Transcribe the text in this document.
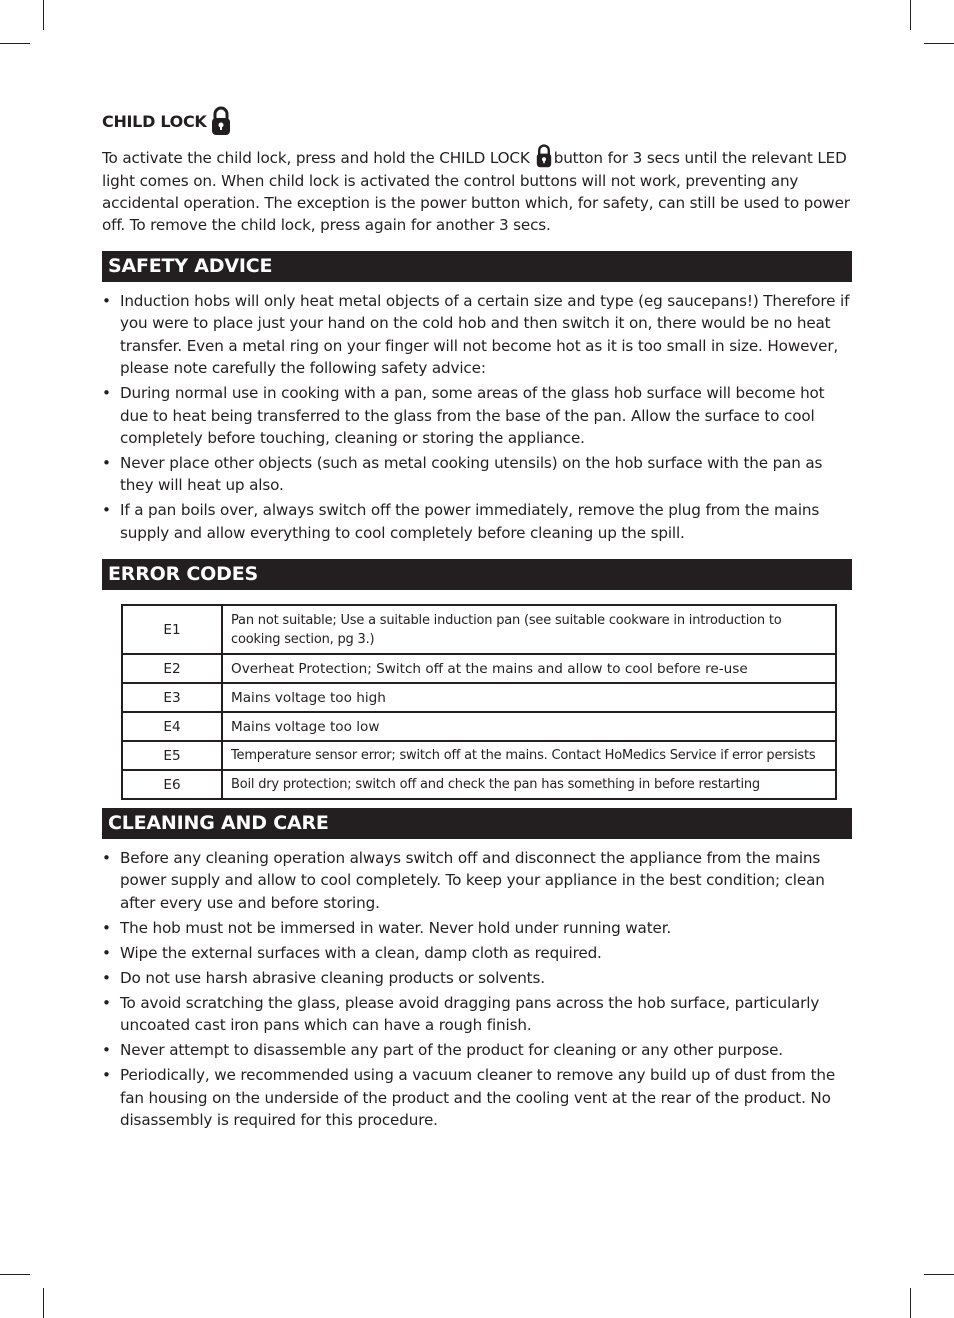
CHILD LOCK
To activate the child lock, press and hold the CHILD LOCK button for 3 secs until the relevant LED light comes on. When child lock is activated the control buttons will not work, preventing any accidental operation. The exception is the power button which, for safety, can still be used to power off. To remove the child lock, press again for another 3 secs.
SAFETY ADVICE
• Induction hobs will only heat metal objects of a certain size and type (eg saucepans!) Therefore if you were to place just your hand on the cold hob and then switch it on, there would be no heat transfer. Even a metal ring on your finger will not become hot as it is too small in size. However, please note carefully the following safety advice:
• During normal use in cooking with a pan, some areas of the glass hob surface will become hot due to heat being transferred to the glass from the base of the pan. Allow the surface to cool completely before touching, cleaning or storing the appliance.
• Never place other objects (such as metal cooking utensils) on the hob surface with the pan as they will heat up also.
• If a pan boils over, always switch off the power immediately, remove the plug from the mains supply and allow everything to cool completely before cleaning up the spill.
ERROR CODES
E1	Pan not suitable; Use a suitable induction pan (see suitable cookware in introduction to cooking section, pg 3.)
E2	Overheat Protection; Switch off at the mains and allow to cool before re-use
E3	Mains voltage too high
E4	Mains voltage too low
E5	Temperature sensor error; switch off at the mains. Contact HoMedics Service if error persists
E6	Boil dry protection; switch off and check the pan has something in before restarting
CLEANING AND CARE
• Before any cleaning operation always switch off and disconnect the appliance from the mains power supply and allow to cool completely. To keep your appliance in the best condition; clean after every use and before storing.
• The hob must not be immersed in water. Never hold under running water.
• Wipe the external surfaces with a clean, damp cloth as required.
• Do not use harsh abrasive cleaning products or solvents.
• To avoid scratching the glass, please avoid dragging pans across the hob surface, particularly uncoated cast iron pans which can have a rough finish.
• Never attempt to disassemble any part of the product for cleaning or any other purpose.
• Periodically, we recommended using a vacuum cleaner to remove any build up of dust from the fan housing on the underside of the product and the cooling vent at the rear of the product. No disassembly is required for this procedure.
